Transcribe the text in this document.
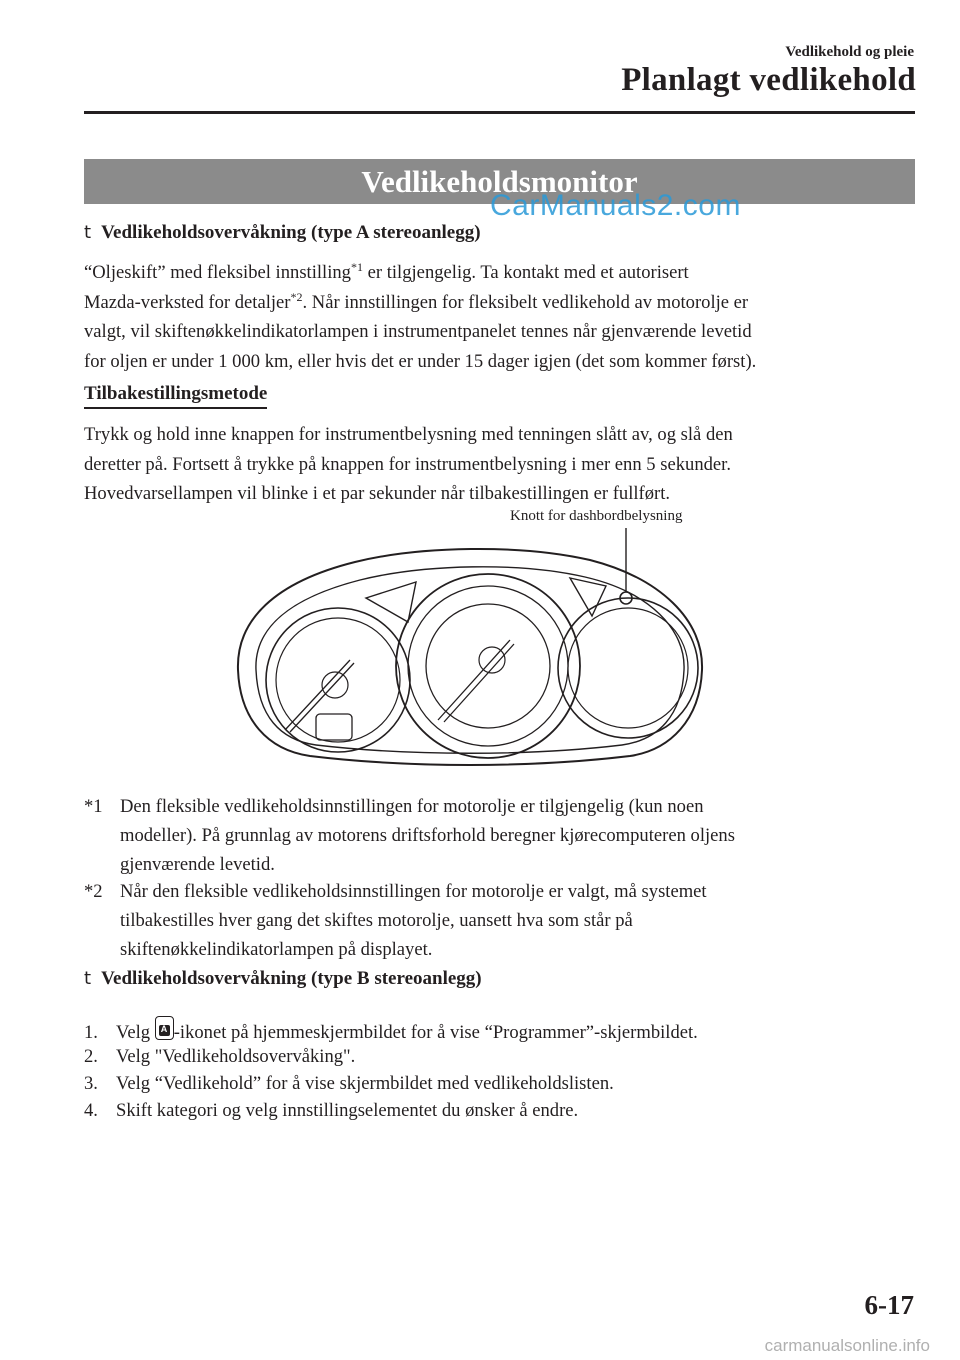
Vedlikehold og pleie
Planlagt vedlikehold
Vedlikeholdsmonitor
CarManuals2.com
t Vedlikeholdsovervåkning (type A stereoanlegg)
“Oljeskift” med fleksibel innstilling$^{*1}$ er tilgjengelig. Ta kontakt med et autorisert
Mazda-verksted for detaljer$^{*2}$. Når innstillingen for fleksibelt vedlikehold av motorolje er
valgt, vil skiftenøkkelindikatorlampen i instrumentpanelet tennes når gjenværende levetid
for oljen er under 1 000 km, eller hvis det er under 15 dager igjen (det som kommer først).
Tilbakestillingsmetode
Trykk og hold inne knappen for instrumentbelysning med tenningen slått av, og slå den
deretter på. Fortsett å trykke på knappen for instrumentbelysning i mer enn 5 sekunder.
Hovedvarsellampen vil blinke i et par sekunder når tilbakestillingen er fullført.
Knott for dashbordbelysning
*1 Den fleksible vedlikeholdsinnstillingen for motorolje er tilgjengelig (kun noen
modeller). På grunnlag av motorens driftsforhold beregner kjørecomputeren oljens
gjenværende levetid.
*2 Når den fleksible vedlikeholdsinnstillingen for motorolje er valgt, må systemet
tilbakestilles hver gang det skiftes motorolje, uansett hva som står på
skiftenøkkelindikatorlampen på displayet.
t Vedlikeholdsovervåkning (type B stereoanlegg)
1. Velg
A
-ikonet på hjemmeskjermbildet for å vise “Programmer”-skjermbildet.
2. Velg "Vedlikeholdsovervåking".
3. Velg “Vedlikehold” for å vise skjermbildet med vedlikeholdslisten.
4. Skift kategori og velg innstillingselementet du ønsker å endre.
6-17
carmanualsonline.info
